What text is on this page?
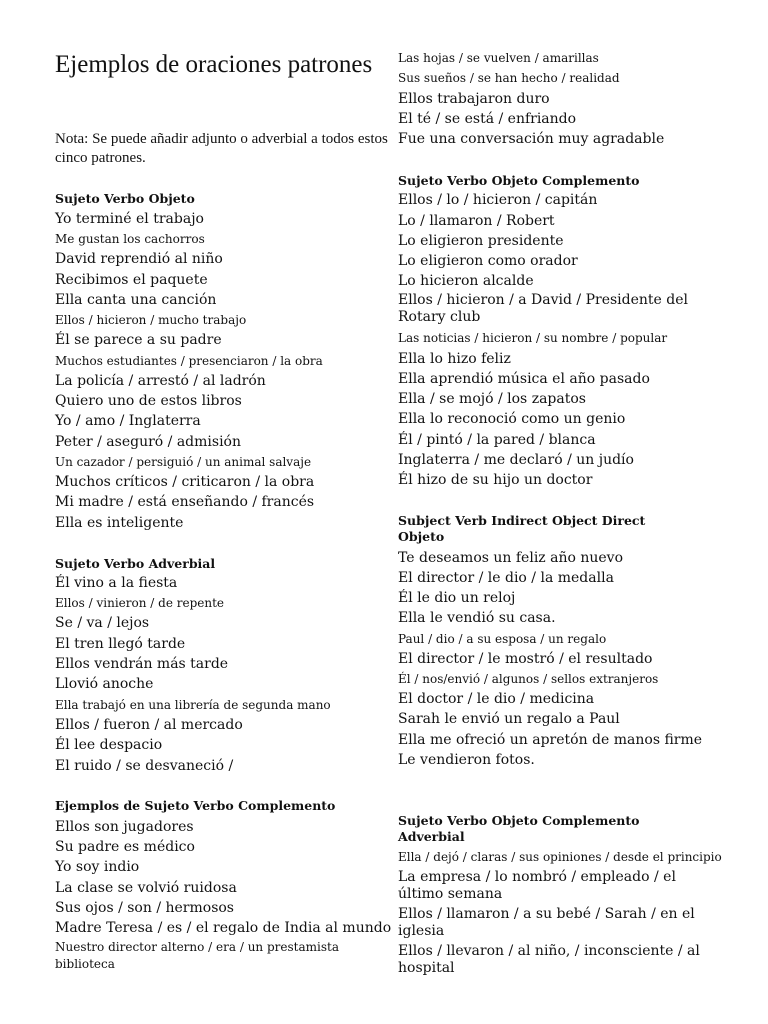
Ejemplos de oraciones patrones

Nota: Se puede añadir adjunto o adverbial a todos estos cinco patrones.

Sujeto Verbo Objeto
Yo terminé el trabajo
Me gustan los cachorros
David reprendió al niño
Recibimos el paquete
Ella canta una canción
Ellos / hicieron / mucho trabajo
Él se parece a su padre
Muchos estudiantes / presenciaron / la obra
La policía / arrestó / al ladrón
Quiero uno de estos libros
Yo / amo / Inglaterra
Peter / aseguró / admisión
Un cazador / persiguió / un animal salvaje
Muchos críticos / criticaron / la obra
Mi madre / está enseñando / francés
Ella es inteligente
Sujeto Verbo Adverbial
Él vino a la fiesta
Ellos / vinieron / de repente
Se / va / lejos
El tren llegó tarde
Ellos vendrán más tarde
Llovió anoche
Ella trabajó en una librería de segunda mano
Ellos / fueron / al mercado
Él lee despacio
El ruido / se desvaneció /
Ejemplos de Sujeto Verbo Complemento
Ellos son jugadores
Su padre es médico
Yo soy indio
La clase se volvió ruidosa
Sus ojos / son / hermosos
Madre Teresa / es / el regalo de India al mundo
Nuestro director alterno / era / un prestamista biblioteca
Las hojas / se vuelven / amarillas
Sus sueños / se han hecho / realidad
Ellos trabajaron duro
El té / se está / enfriando
Fue una conversación muy agradable
Sujeto Verbo Objeto Complemento
Ellos / lo / hicieron / capitán
Lo / llamaron / Robert
Lo eligieron presidente
Lo eligieron como orador
Lo hicieron alcalde
Ellos / hicieron / a David / Presidente del Rotary club
Las noticias / hicieron / su nombre / popular
Ella lo hizo feliz
Ella aprendió música el año pasado
Ella / se mojó / los zapatos
Ella lo reconoció como un genio
Él / pintó / la pared / blanca
Inglaterra / me declaró / un judío
Él hizo de su hijo un doctor
Subject Verb Indirect Object Direct Objeto
Te deseamos un feliz año nuevo
El director / le dio / la medalla
Él le dio un reloj
Ella le vendió su casa.
Paul / dio / a su esposa / un regalo
El director / le mostró / el resultado
Él / nos/envió / algunos / sellos extranjeros
El doctor / le dio / medicina
Sarah le envió un regalo a Paul
Ella me ofreció un apretón de manos firme
Le vendieron fotos.
Sujeto Verbo Objeto Complemento Adverbial
Ella / dejó / claras / sus opiniones / desde el principio
La empresa / lo nombró / empleado / el último semana
Ellos / llamaron / a su bebé / Sarah / en el iglesia
Ellos / llevaron / al niño, / inconsciente / al hospital
